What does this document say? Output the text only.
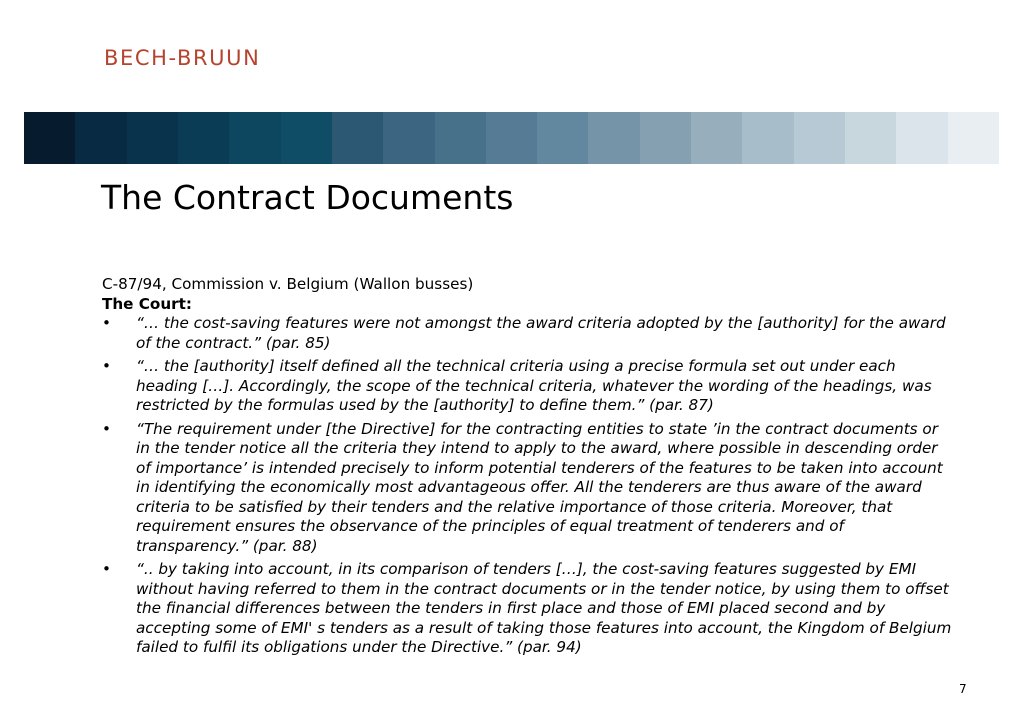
BECH-BRUUN
The Contract Documents

C-87/94, Commission v. Belgium (Wallon busses)

The Court:

• “… the cost-saving features were not amongst the award criteria adopted by the [authority] for the award of the contract.” (par. 85)
• “… the [authority] itself defined all the technical criteria using a precise formula set out under each heading […]. Accordingly, the scope of the technical criteria, whatever the wording of the headings, was restricted by the formulas used by the [authority] to define them.” (par. 87)
• “The requirement under [the Directive] for the contracting entities to state ’in the contract documents or in the tender notice all the criteria they intend to apply to the award, where possible in descending order of importance’ is intended precisely to inform potential tenderers of the features to be taken into account in identifying the economically most advantageous offer. All the tenderers are thus aware of the award criteria to be satisfied by their tenders and the relative importance of those criteria. Moreover, that requirement ensures the observance of the principles of equal treatment of tenderers and of transparency.” (par. 88)
• “.. by taking into account, in its comparison of tenders […], the cost-saving features suggested by EMI without having referred to them in the contract documents or in the tender notice, by using them to offset the financial differences between the tenders in first place and those of EMI placed second and by accepting some of EMI' s tenders as a result of taking those features into account, the Kingdom of Belgium failed to fulfil its obligations under the Directive.” (par. 94)
7
